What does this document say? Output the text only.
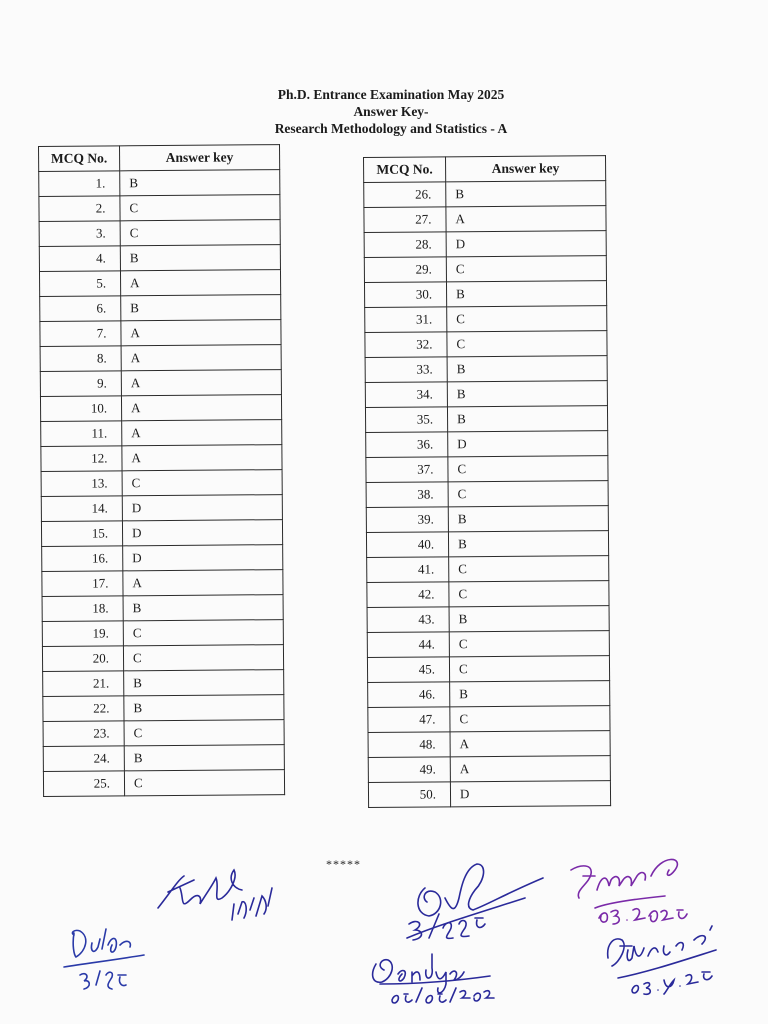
Ph.D. Entrance Examination May 2025
Answer Key-
Research Methodology and Statistics - A
MCQ No.	Answer key
1.	B
2.	C
3.	C
4.	B
5.	A
6.	B
7.	A
8.	A
9.	A
10.	A
11.	A
12.	A
13.	C
14.	D
15.	D
16.	D
17.	A
18.	B
19.	C
20.	C
21.	B
22.	B
23.	C
24.	B
25.	C
MCQ No.	Answer key
26.	B
27.	A
28.	D
29.	C
30.	B
31.	C
32.	C
33.	B
34.	B
35.	B
36.	D
37.	C
38.	C
39.	B
40.	B
41.	C
42.	C
43.	B
44.	C
45.	C
46.	B
47.	C
48.	A
49.	A
50.	D
*****
